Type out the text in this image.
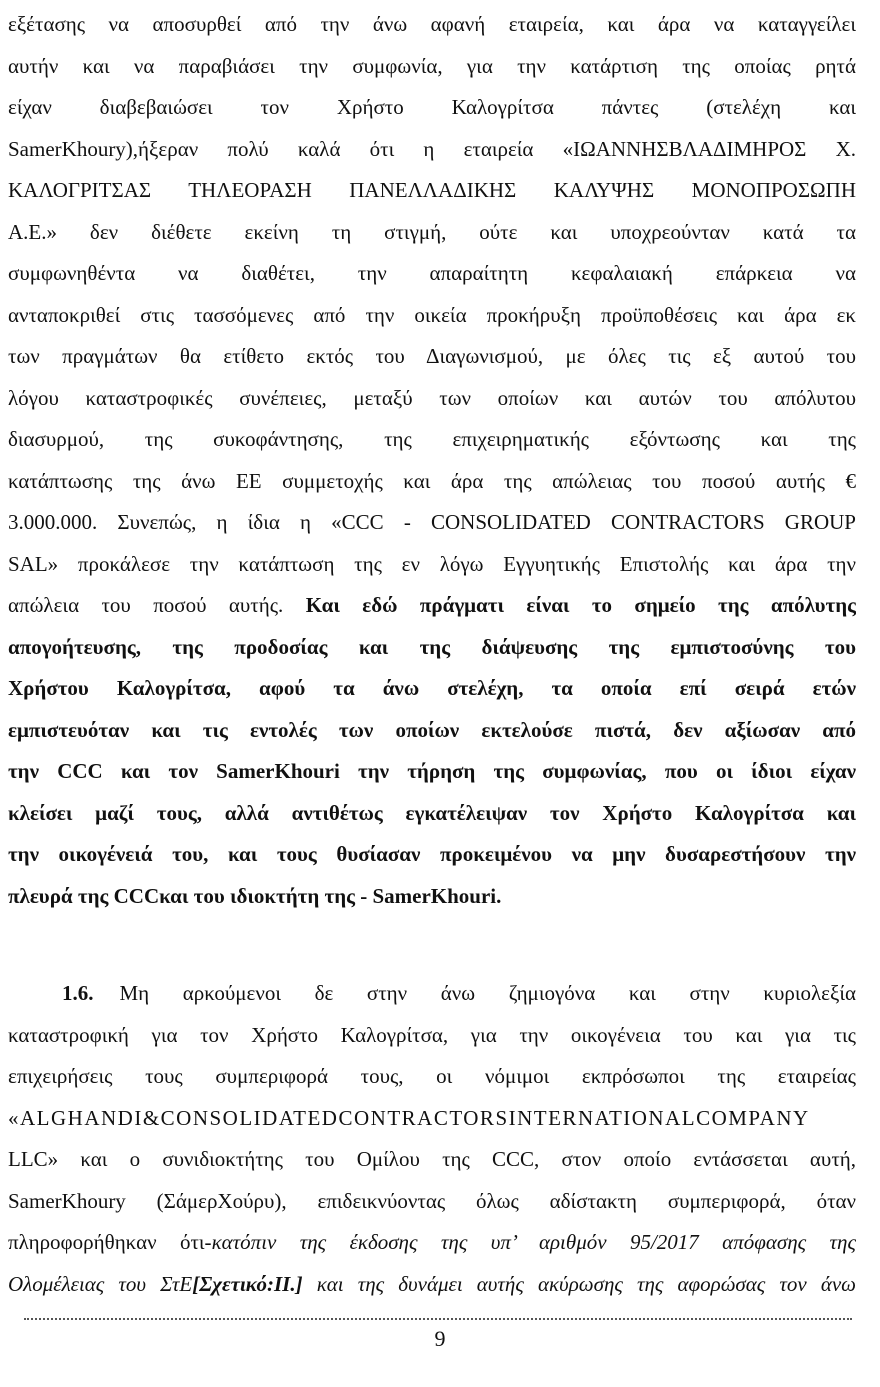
εξέτασης να αποσυρθεί από την άνω αφανή εταιρεία, και άρα να καταγγείλει
αυτήν και να παραβιάσει την συμφωνία, για την κατάρτιση της οποίας ρητά
είχαν διαβεβαιώσει τον Χρήστο Καλογρίτσα πάντες (στελέχη και
SamerKhoury),ήξεραν πολύ καλά ότι η εταιρεία «ΙΩΑΝΝΗΣΒΛΑΔΙΜΗΡΟΣ Χ.
ΚΑΛΟΓΡΙΤΣΑΣ ΤΗΛΕΟΡΑΣΗ ΠΑΝΕΛΛΑΔΙΚΗΣ ΚΑΛΥΨΗΣ ΜΟΝΟΠΡΟΣΩΠΗ
Α.Ε.» δεν διέθετε εκείνη τη στιγμή, ούτε και υποχρεούνταν κατά τα
συμφωνηθέντα να διαθέτει, την απαραίτητη κεφαλαιακή επάρκεια να
ανταποκριθεί στις τασσόμενες από την οικεία προκήρυξη προϋποθέσεις και άρα εκ
των πραγμάτων θα ετίθετο εκτός του Διαγωνισμού, με όλες τις εξ αυτού του
λόγου καταστροφικές συνέπειες, μεταξύ των οποίων και αυτών του απόλυτου
διασυρμού, της συκοφάντησης, της επιχειρηματικής εξόντωσης και της
κατάπτωσης της άνω ΕΕ συμμετοχής και άρα της απώλειας του ποσού αυτής €
3.000.000. Συνεπώς, η ίδια η «CCC - CONSOLIDATED CONTRACTORS GROUP
SAL» προκάλεσε την κατάπτωση της εν λόγω Εγγυητικής Επιστολής και άρα την
απώλεια του ποσού αυτής. Και εδώ πράγματι είναι το σημείο της απόλυτης
απογοήτευσης, της προδοσίας και της διάψευσης της εμπιστοσύνης του
Χρήστου Καλογρίτσα, αφού τα άνω στελέχη, τα οποία επί σειρά ετών
εμπιστευόταν και τις εντολές των οποίων εκτελούσε πιστά, δεν αξίωσαν από
την CCC και τον SamerKhouri την τήρηση της συμφωνίας, που οι ίδιοι είχαν
κλείσει μαζί τους, αλλά αντιθέτως εγκατέλειψαν τον Χρήστο Καλογρίτσα και
την οικογένειά του, και τους θυσίασαν προκειμένου να μην δυσαρεστήσουν την
πλευρά της CCCκαι του ιδιοκτήτη της - SamerKhouri.
1.6. Μη αρκούμενοι δε στην άνω ζημιογόνα και στην κυριολεξία
καταστροφική για τον Χρήστο Καλογρίτσα, για την οικογένεια του και για τις
επιχειρήσεις τους συμπεριφορά τους, οι νόμιμοι εκπρόσωποι της εταιρείας
«ALGHANDI&CONSOLIDATEDCONTRACTORSINTERNATIONALCOMPANY
LLC» και ο συνιδιοκτήτης του Ομίλου της CCC, στον οποίο εντάσσεται αυτή,
SamerKhoury (ΣάμερΧούρυ), επιδεικνύοντας όλως αδίστακτη συμπεριφορά, όταν
πληροφορήθηκαν ότι-κατόπιν της έκδοσης της υπ’ αριθμόν 95/2017 απόφασης της
Ολομέλειας του ΣτΕ[Σχετικό:ΙΙ.] και της δυνάμει αυτής ακύρωσης της αφορώσας τον άνω
9
